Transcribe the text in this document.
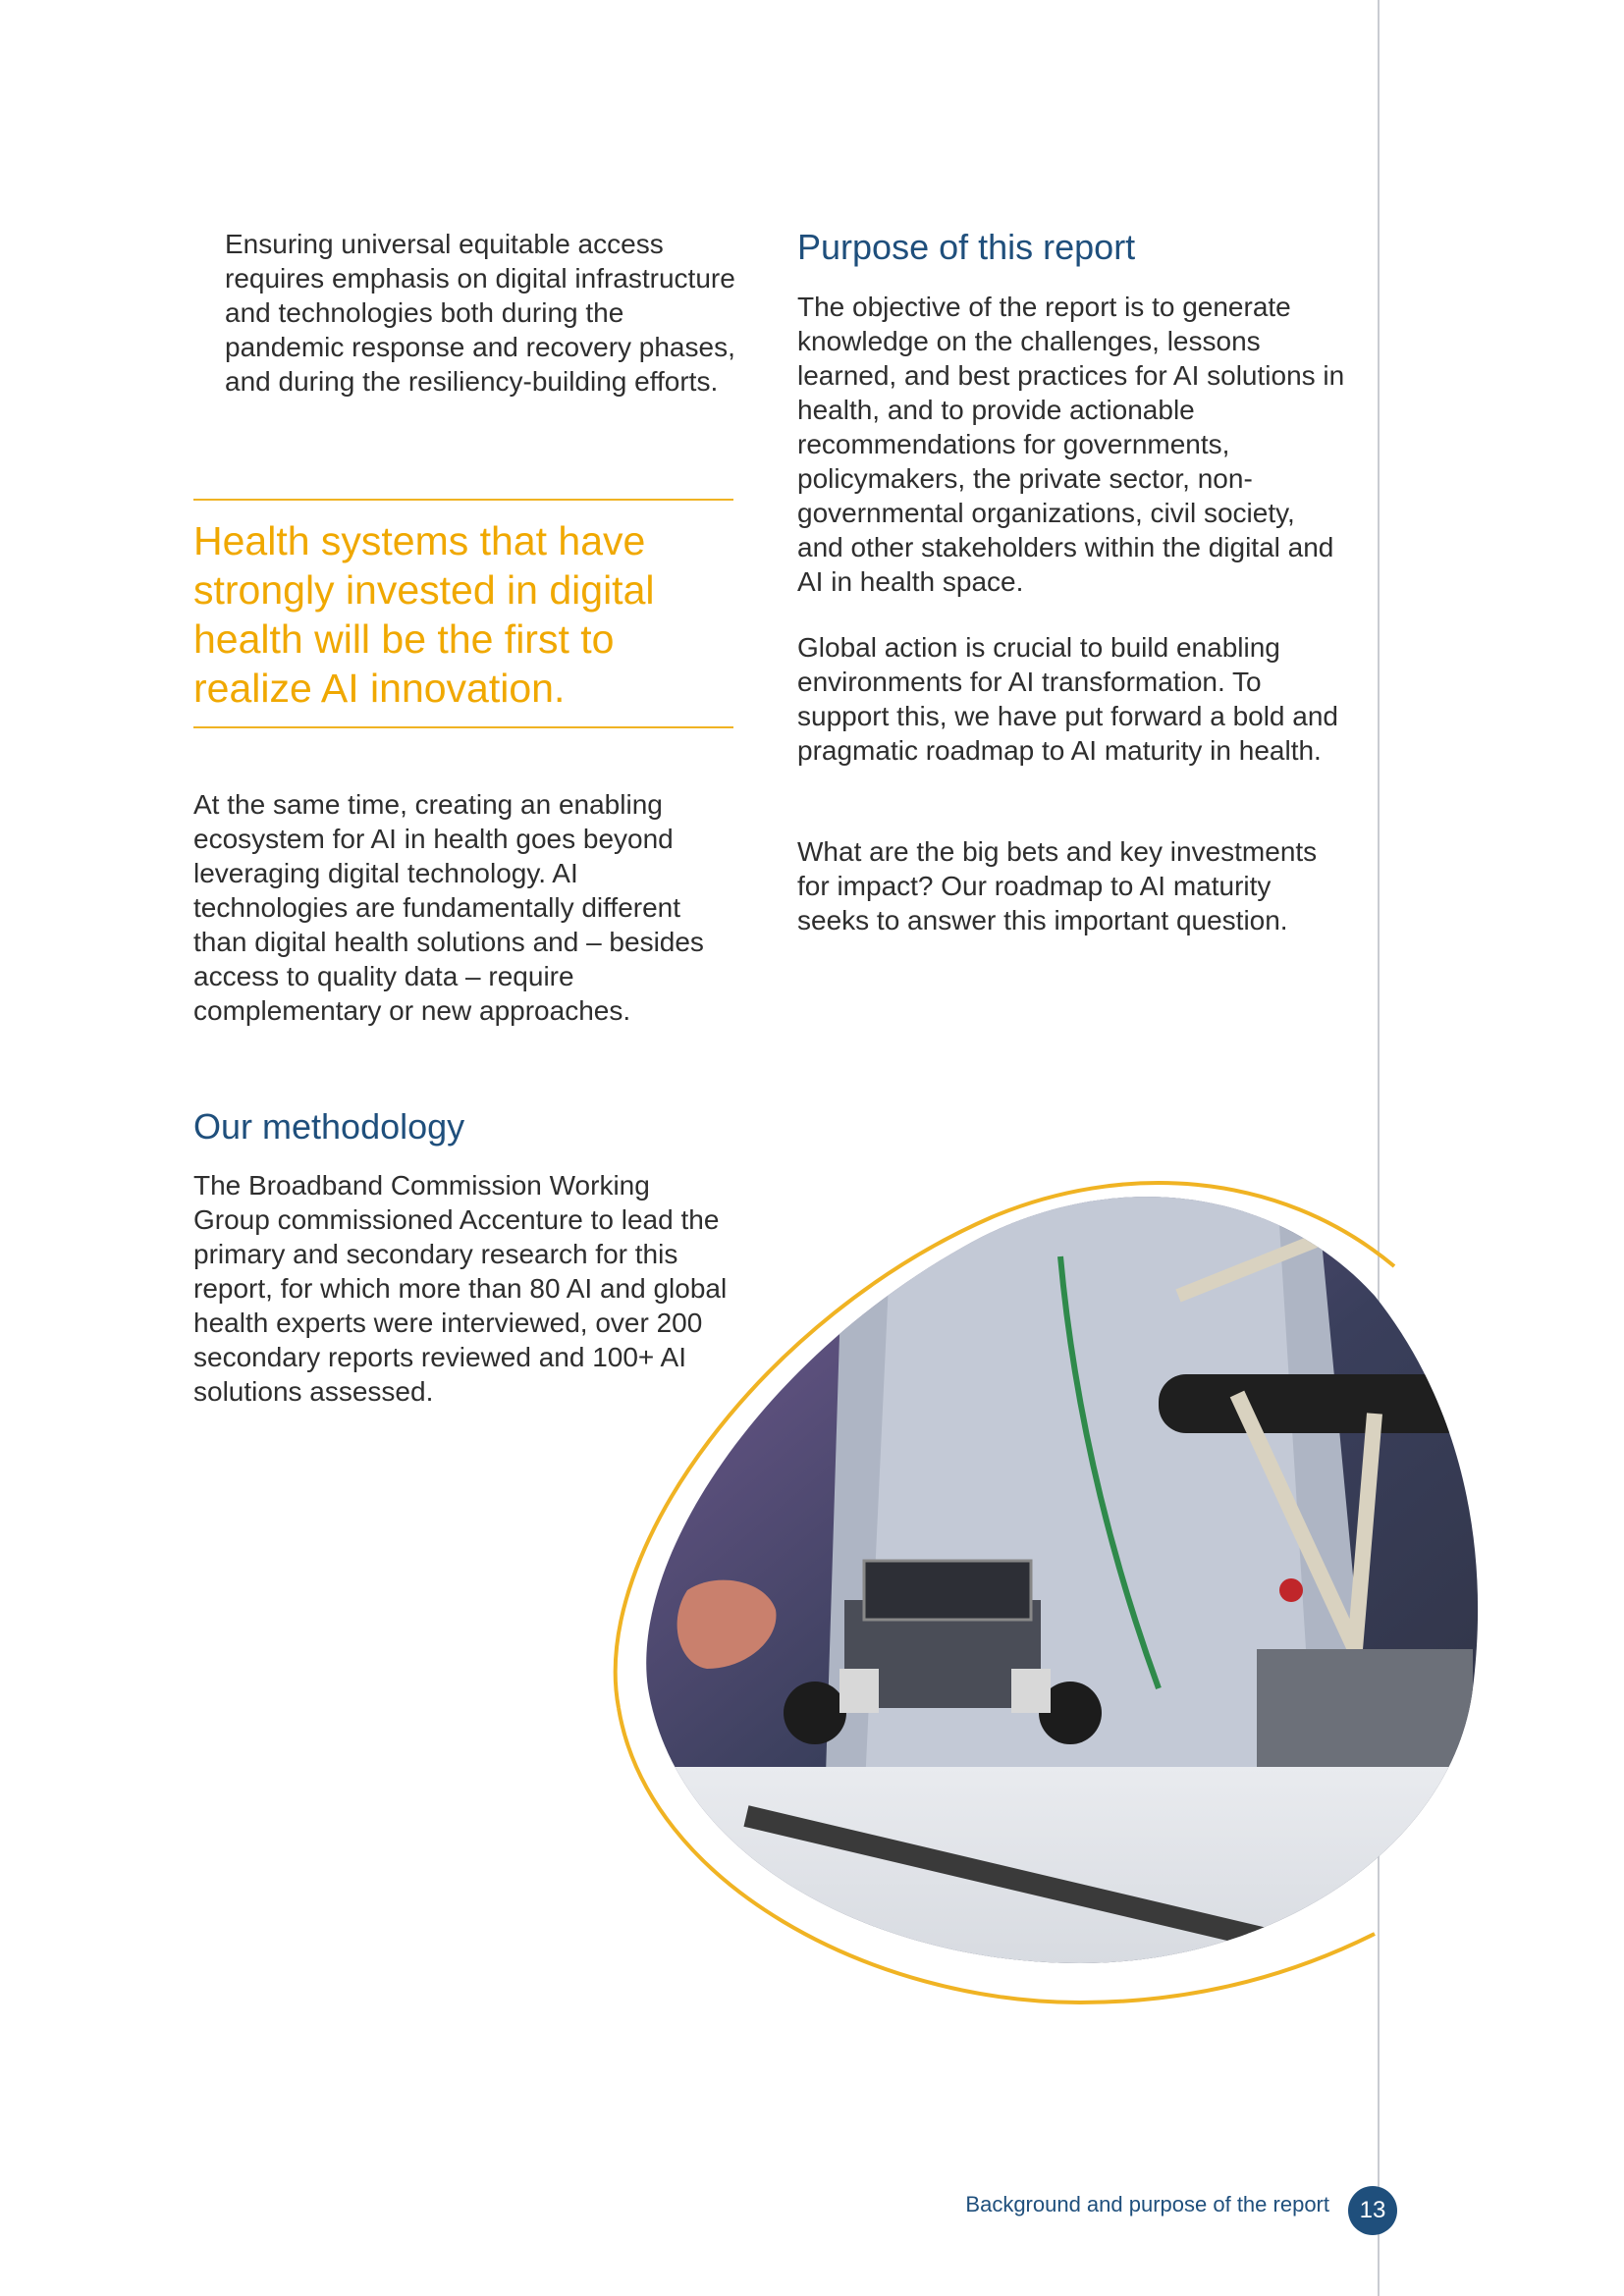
Ensuring universal equitable access requires emphasis on digital infrastructure and technologies both during the pandemic response and recovery phases, and during the resiliency-building efforts.

Health systems that have strongly invested in digital health will be the first to realize AI innovation.

At the same time, creating an enabling ecosystem for AI in health goes beyond leveraging digital technology. AI technologies are fundamentally different than digital health solutions and – besides access to quality data – require complementary or new approaches.

Our methodology

The Broadband Commission Working Group commissioned Accenture to lead the primary and secondary research for this report, for which more than 80 AI and global health experts were interviewed, over 200 secondary reports reviewed and 100+ AI solutions assessed.

Purpose of this report

The objective of the report is to generate knowledge on the challenges, lessons learned, and best practices for AI solutions in health, and to provide actionable recommendations for governments, policymakers, the private sector, non-governmental organizations, civil society, and other stakeholders within the digital and AI in health space.

Global action is crucial to build enabling environments for AI transformation. To support this, we have put forward a bold and pragmatic roadmap to AI maturity in health.

What are the big bets and key investments for impact? Our roadmap to AI maturity seeks to answer this important question.

Background and purpose of the report	13
